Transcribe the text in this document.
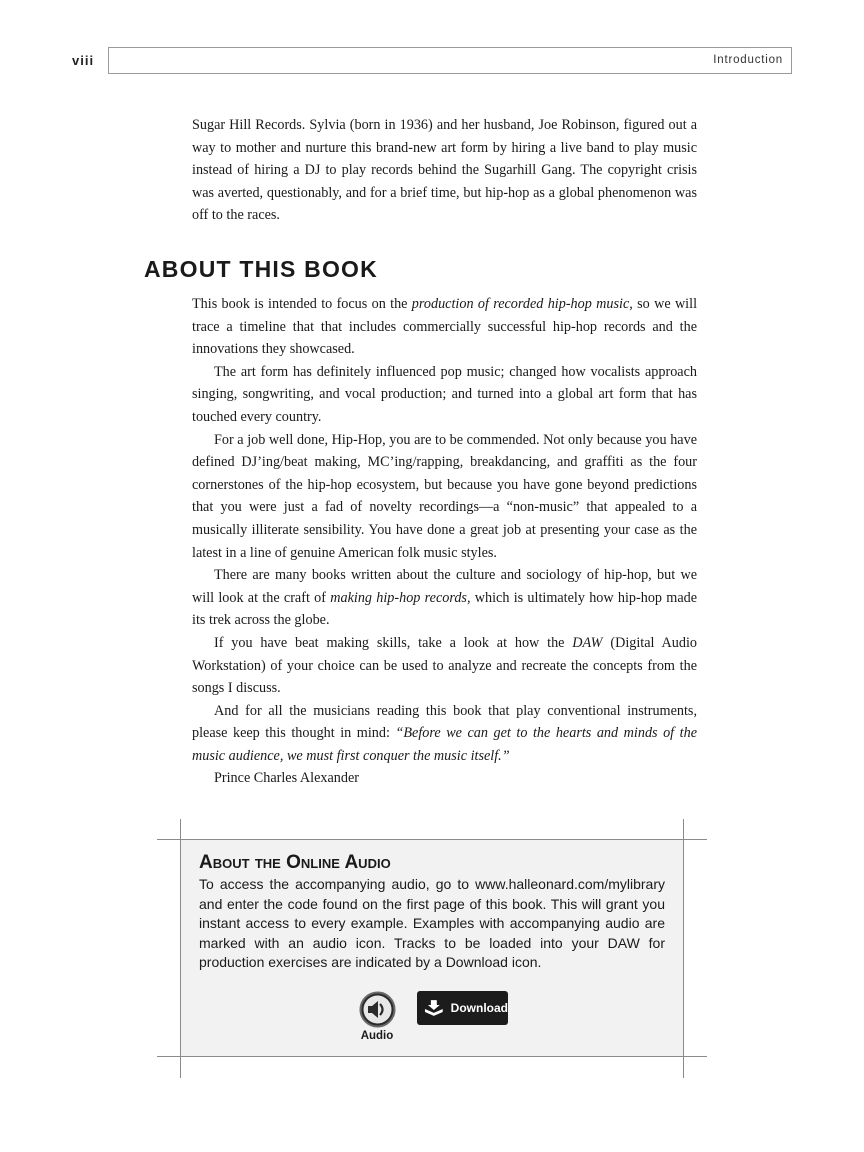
viii	Introduction

Sugar Hill Records. Sylvia (born in 1936) and her husband, Joe Robinson, figured out a way to mother and nurture this brand-new art form by hiring a live band to play music instead of hiring a DJ to play records behind the Sugarhill Gang. The copyright crisis was averted, questionably, and for a brief time, but hip-hop as a global phenomenon was off to the races.

ABOUT THIS BOOK

This book is intended to focus on the production of recorded hip-hop music, so we will trace a timeline that that includes commercially successful hip-hop records and the innovations they showcased.

The art form has definitely influenced pop music; changed how vocalists approach singing, songwriting, and vocal production; and turned into a global art form that has touched every country.

For a job well done, Hip-Hop, you are to be commended. Not only because you have defined DJ’ing/beat making, MC’ing/rapping, breakdancing, and graffiti as the four cornerstones of the hip-hop ecosystem, but because you have gone beyond predictions that you were just a fad of novelty recordings—a “non-music” that appealed to a musically illiterate sensibility. You have done a great job at presenting your case as the latest in a line of genuine American folk music styles.

There are many books written about the culture and sociology of hip-hop, but we will look at the craft of making hip-hop records, which is ultimately how hip-hop made its trek across the globe.

If you have beat making skills, take a look at how the DAW (Digital Audio Workstation) of your choice can be used to analyze and recreate the concepts from the songs I discuss.

And for all the musicians reading this book that play conventional instruments, please keep this thought in mind: “Before we can get to the hearts and minds of the music audience, we must first conquer the music itself.”

Prince Charles Alexander

About the Online Audio

To access the accompanying audio, go to www.halleonard.com/mylibrary and enter the code found on the first page of this book. This will grant you instant access to every example. Examples with accompanying audio are marked with an audio icon. Tracks to be loaded into your DAW for production exercises are indicated by a Download icon.

Audio
Download
